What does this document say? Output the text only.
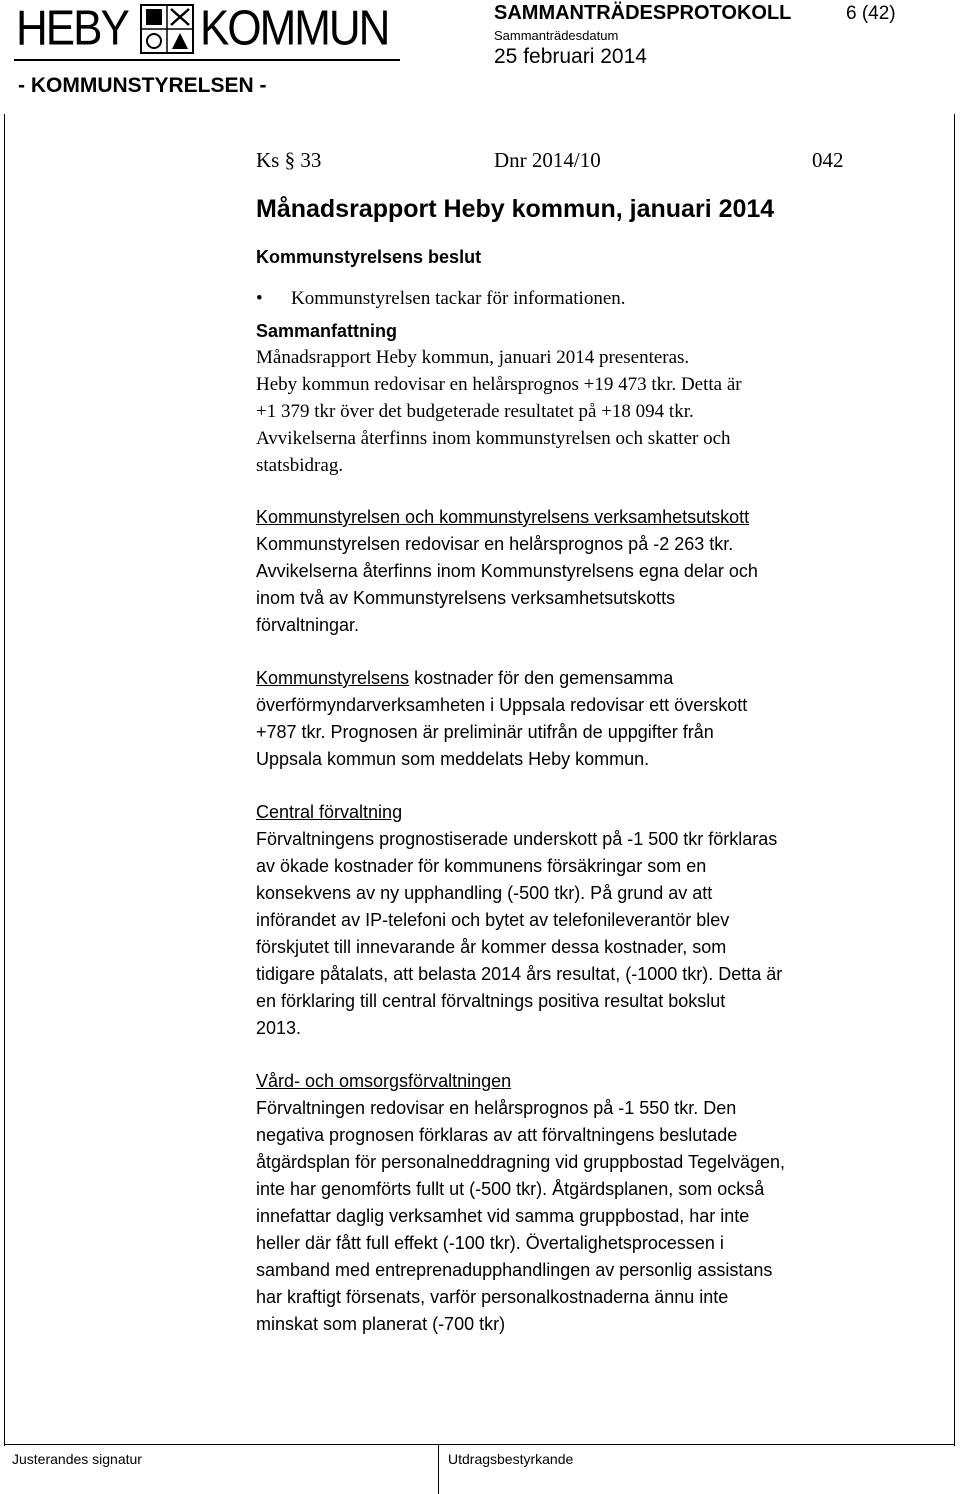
HEBY KOMMUN
- KOMMUNSTYRELSEN -
SAMMANTRÄDESPROTOKOLL	6 (42)
Sammanträdesdatum
25 februari 2014
Ks § 33	Dnr 2014/10	042
Månadsrapport Heby kommun, januari 2014
Kommunstyrelsens beslut
• Kommunstyrelsen tackar för informationen.
Sammanfattning
Månadsrapport Heby kommun, januari 2014 presenteras.
Heby kommun redovisar en helårsprognos +19 473 tkr. Detta är
+1 379 tkr över det budgeterade resultatet på +18 094 tkr.
Avvikelserna återfinns inom kommunstyrelsen och skatter och
statsbidrag.
Kommunstyrelsen och kommunstyrelsens verksamhetsutskott
Kommunstyrelsen redovisar en helårsprognos på -2 263 tkr.
Avvikelserna återfinns inom Kommunstyrelsens egna delar och
inom två av Kommunstyrelsens verksamhetsutskotts
förvaltningar.
Kommunstyrelsens kostnader för den gemensamma
överförmyndarverksamheten i Uppsala redovisar ett överskott
+787 tkr. Prognosen är preliminär utifrån de uppgifter från
Uppsala kommun som meddelats Heby kommun.
Central förvaltning
Förvaltningens prognostiserade underskott på -1 500 tkr förklaras
av ökade kostnader för kommunens försäkringar som en
konsekvens av ny upphandling (-500 tkr). På grund av att
införandet av IP-telefoni och bytet av telefonileverantör blev
förskjutet till innevarande år kommer dessa kostnader, som
tidigare påtalats, att belasta 2014 års resultat, (-1000 tkr). Detta är
en förklaring till central förvaltnings positiva resultat bokslut
2013.
Vård- och omsorgsförvaltningen
Förvaltningen redovisar en helårsprognos på -1 550 tkr. Den
negativa prognosen förklaras av att förvaltningens beslutade
åtgärdsplan för personalneddragning vid gruppbostad Tegelvägen,
inte har genomförts fullt ut (-500 tkr). Åtgärdsplanen, som också
innefattar daglig verksamhet vid samma gruppbostad, har inte
heller där fått full effekt (-100 tkr). Övertalighetsprocessen i
samband med entreprenadupphandlingen av personlig assistans
har kraftigt försenats, varför personalkostnaderna ännu inte
minskat som planerat (-700 tkr)
Justerandes signatur	Utdragsbestyrkande
